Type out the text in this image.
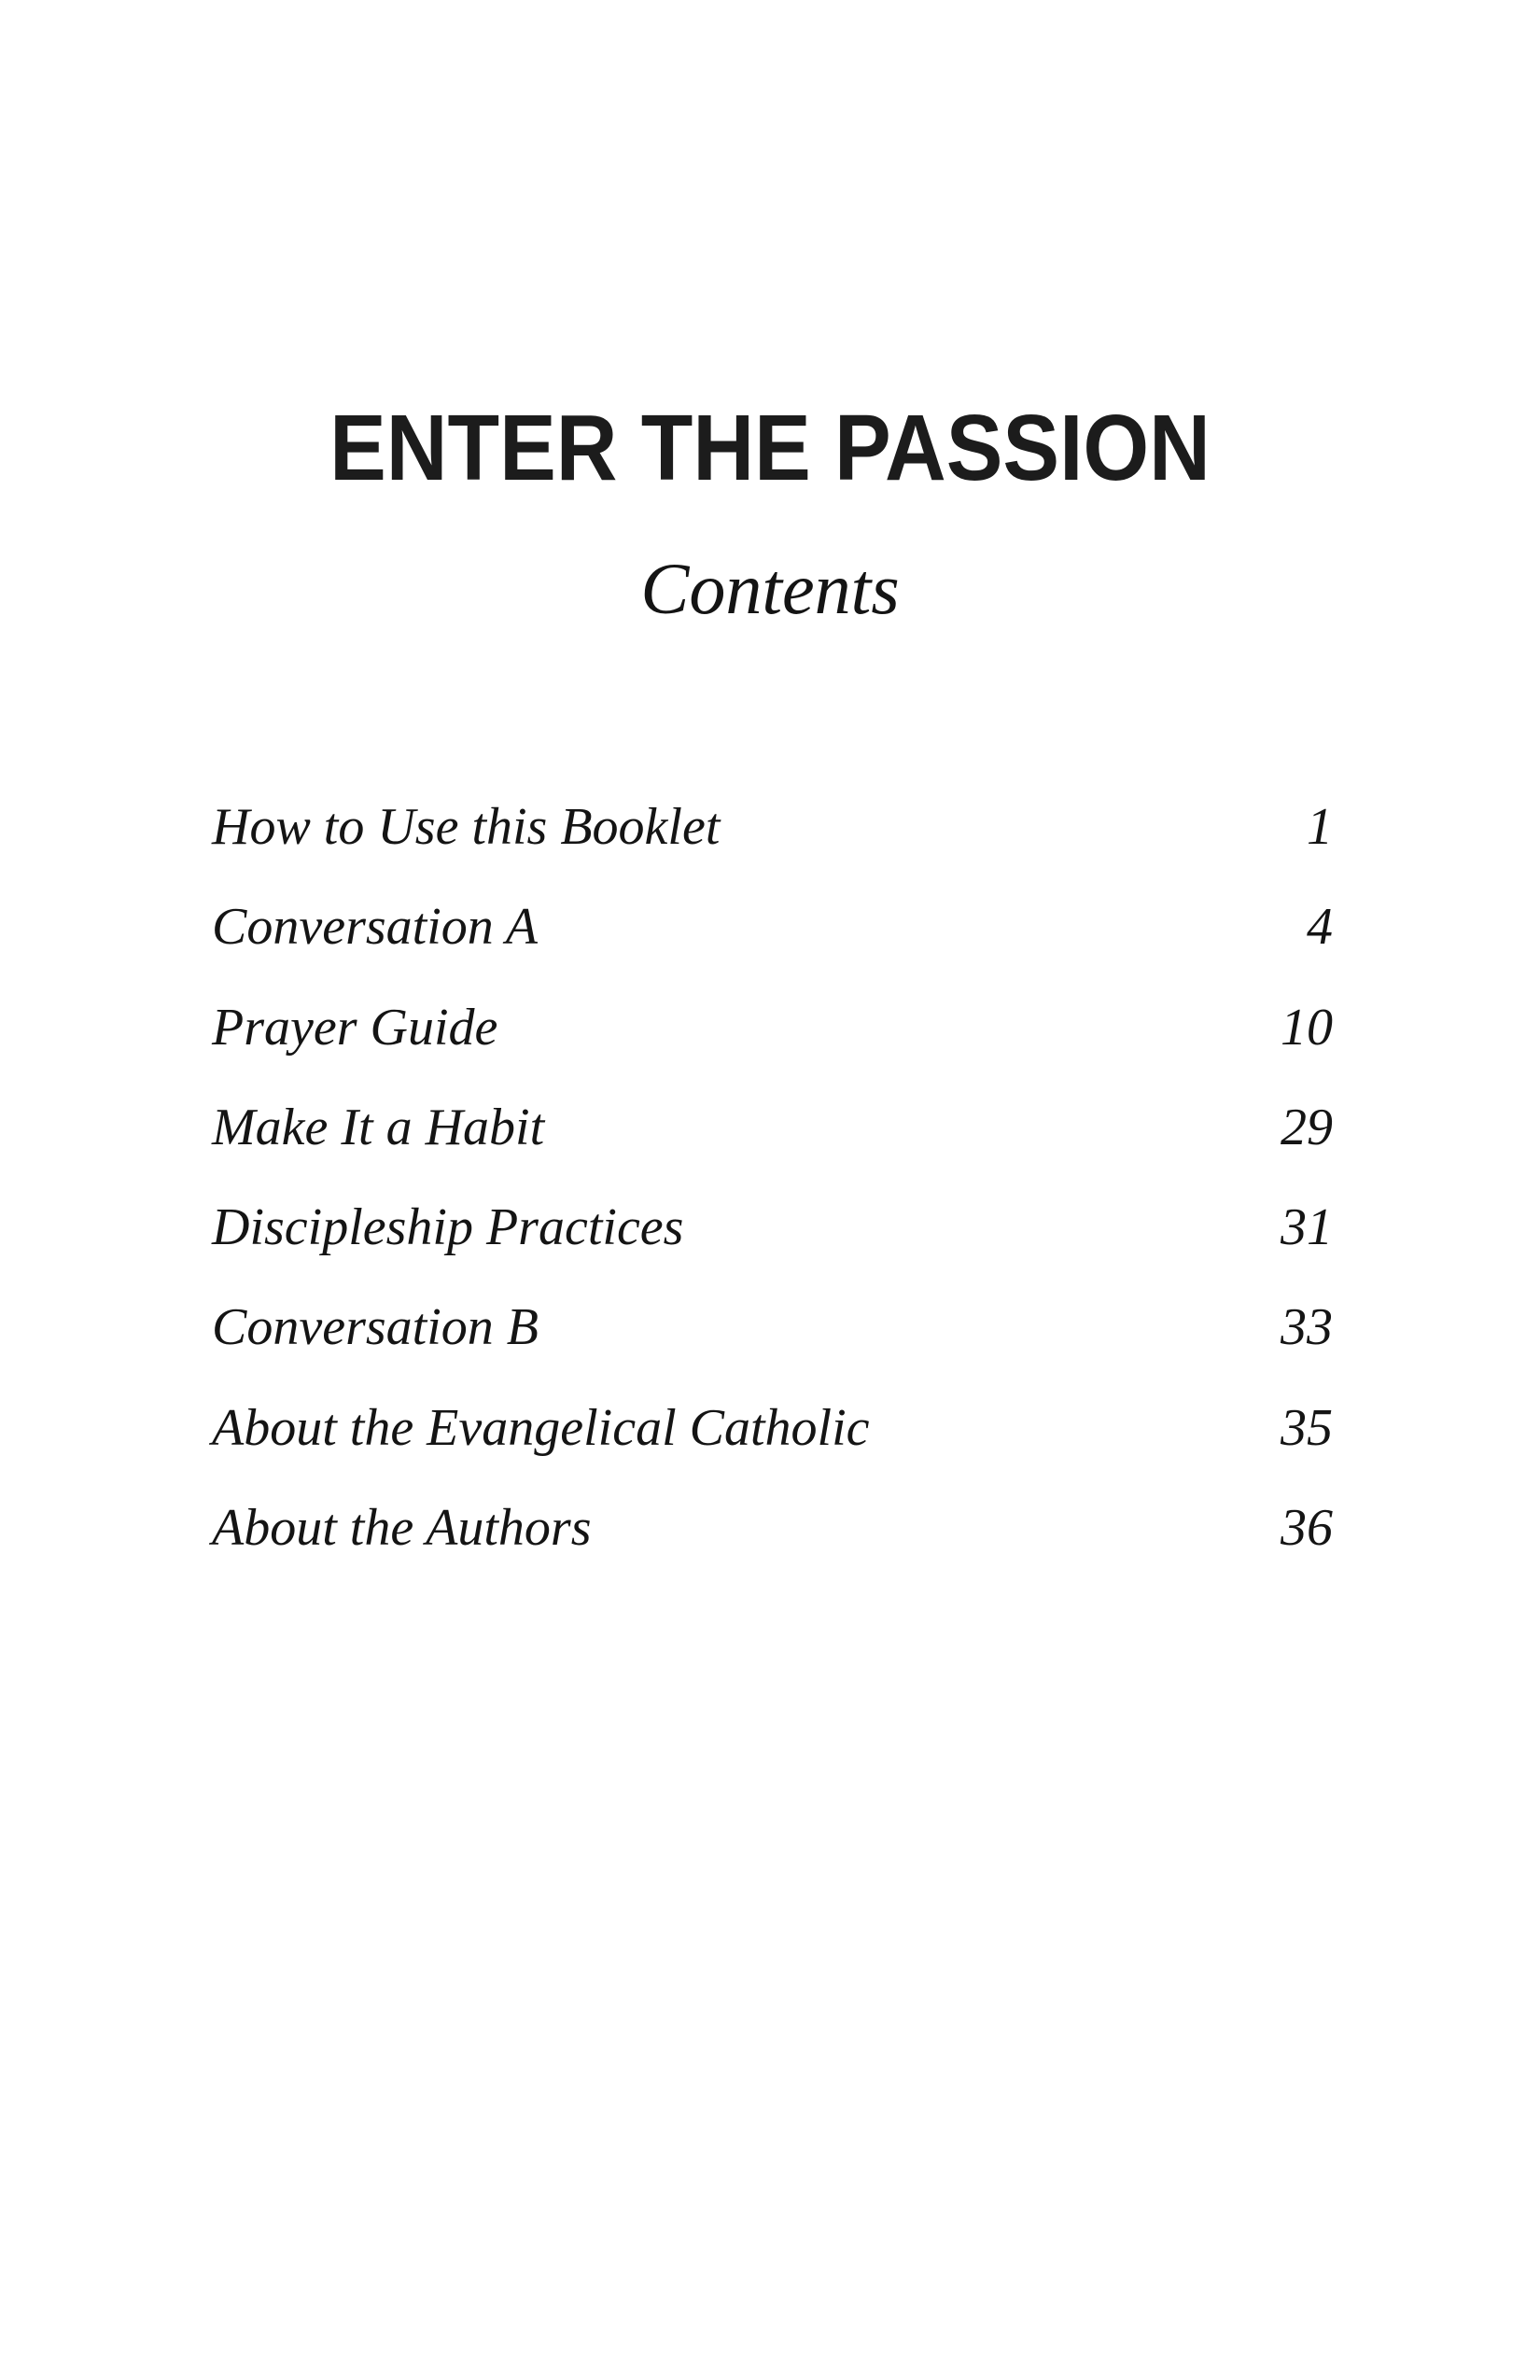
ENTER THE PASSION
Contents
How to Use this Booklet	1
Conversation A	4
Prayer Guide	10
Make It a Habit	29
Discipleship Practices	31
Conversation B	33
About the Evangelical Catholic	35
About the Authors	36
